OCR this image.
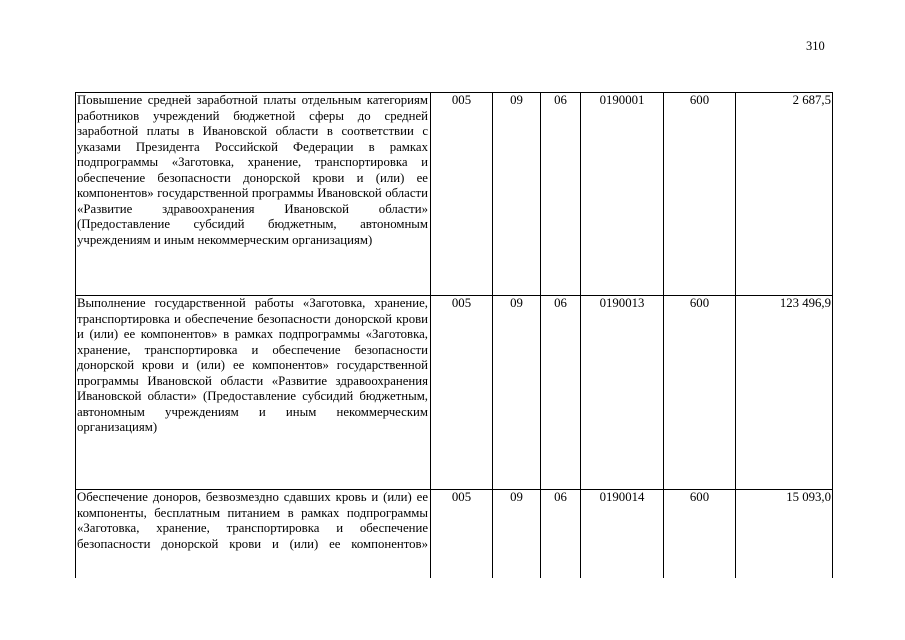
310
Повышение средней заработной платы отдельным категориям работников учреждений бюджетной сферы до средней заработной платы в Ивановской области в соответствии с указами Президента Российской Федерации в рамках подпрограммы «Заготовка, хранение, транспортировка и обеспечение безопасности донорской крови и (или) ее компонентов» государственной программы Ивановской области «Развитие здравоохранения Ивановской области» (Предоставление субсидий бюджетным, автономным учреждениям и иным некоммерческим организациям)	005	09	06	0190001	600	2 687,5
Выполнение государственной работы «Заготовка, хранение, транспортировка и обеспечение безопасности донорской крови и (или) ее компонентов» в рамках подпрограммы «Заготовка, хранение, транспортировка и обеспечение безопасности донорской крови и (или) ее компонентов» государственной программы Ивановской области «Развитие здравоохранения Ивановской области» (Предоставление субсидий бюджетным, автономным учреждениям и иным некоммерческим организациям)	005	09	06	0190013	600	123 496,9
Обеспечение доноров, безвозмездно сдавших кровь и (или) ее компоненты, бесплатным питанием в рамках подпрограммы «Заготовка, хранение, транспортировка и обеспечение безопасности донорской крови и (или) ее компонентов»	005	09	06	0190014	600	15 093,0
